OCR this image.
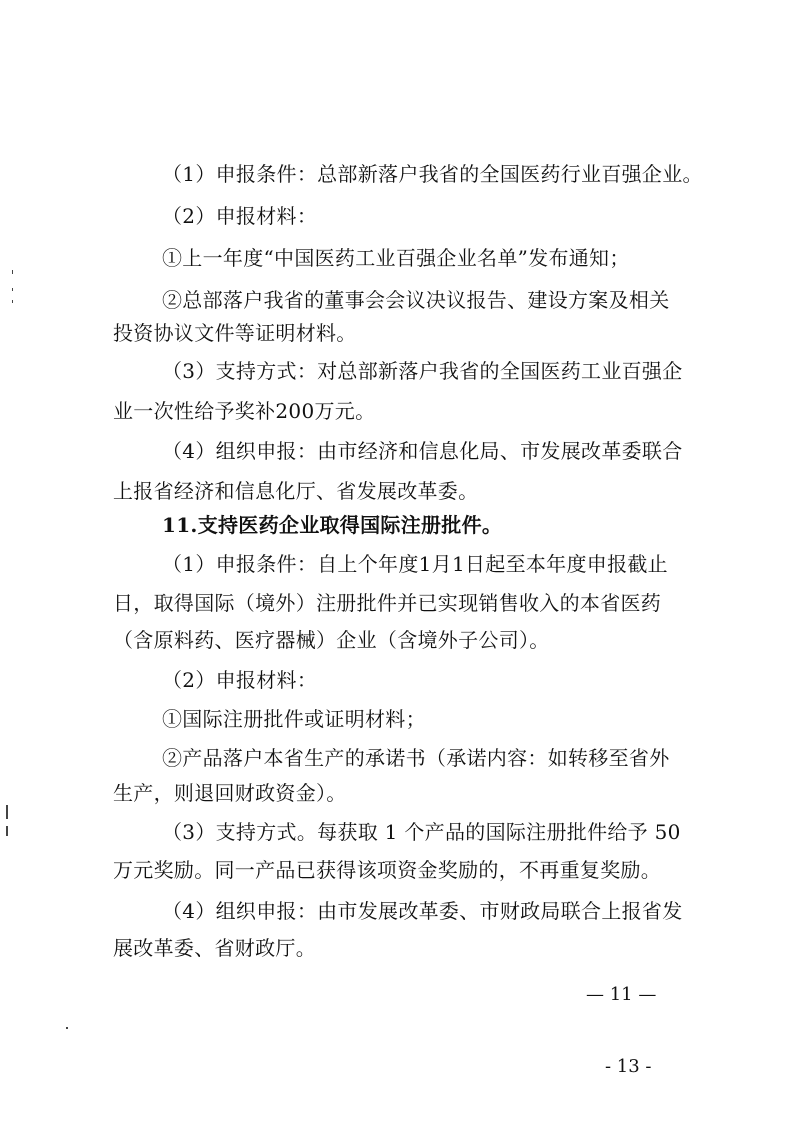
（1）申报条件：总部新落户我省的全国医药行业百强企业。
（2）申报材料：
①上一年度“中国医药工业百强企业名单”发布通知；
②总部落户我省的董事会会议决议报告、建设方案及相关
投资协议文件等证明材料。
（3）支持方式：对总部新落户我省的全国医药工业百强企
业一次性给予奖补200万元。
（4）组织申报：由市经济和信息化局、市发展改革委联合
上报省经济和信息化厅、省发展改革委。
11.支持医药企业取得国际注册批件。
（1）申报条件：自上个年度1月1日起至本年度申报截止
日，取得国际（境外）注册批件并已实现销售收入的本省医药
（含原料药、医疗器械）企业（含境外子公司）。
（2）申报材料：
①国际注册批件或证明材料；
②产品落户本省生产的承诺书（承诺内容：如转移至省外
生产，则退回财政资金）。
（3）支持方式。每获取 1 个产品的国际注册批件给予 50
万元奖励。同一产品已获得该项资金奖励的，不再重复奖励。
（4）组织申报：由市发展改革委、市财政局联合上报省发
展改革委、省财政厅。
— 11 —
- 13 -
